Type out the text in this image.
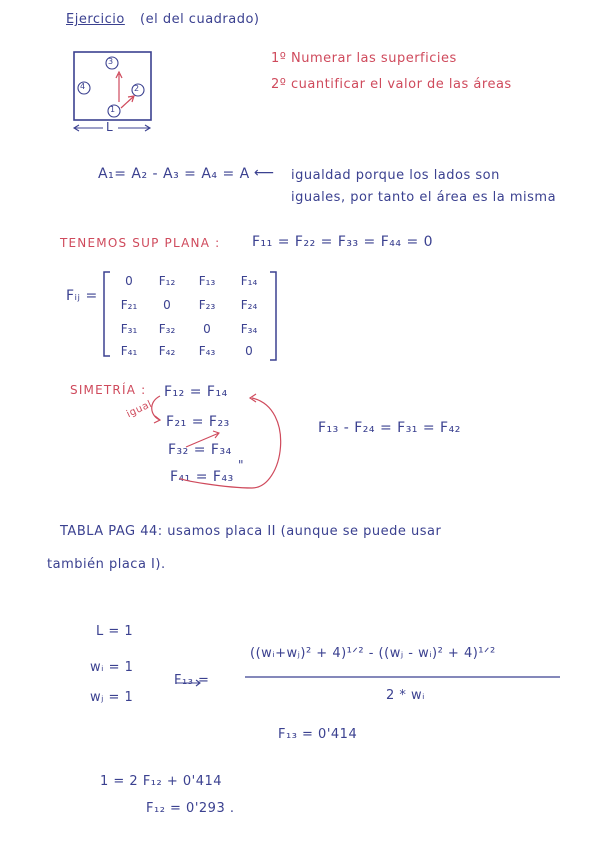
Ejercicio (el del cuadrado)
3
4
1
2
L
1º Numerar las superficies
2º cuantificar el valor de las áreas
A₁= A₂ - A₃ = A₄ = A ⟵ igualdad porque los lados son
iguales, por tanto el área es la misma
TENEMOS SUP PLANA : F₁₁ = F₂₂ = F₃₃ = F₄₄ = 0
Fᵢⱼ =
0	F₁₂	F₁₃	F₁₄
F₂₁	0	F₂₃	F₂₄
F₃₁	F₃₂	0	F₃₄
F₄₁	F₄₂	F₄₃	0
SIMETRÍA :
igual
F₁₂ = F₁₄
F₂₁ = F₂₃
F₃₂ = F₃₄
"
F₄₁ = F₄₃
F₁₃ - F₂₄ = F₃₁ = F₄₂
TABLA PAG 44: usamos placa II (aunque se puede usar
también placa I).
L = 1
wᵢ = 1
wⱼ = 1
F₁₃ =
((wᵢ+wⱼ)² + 4)¹ᐟ² - ((wⱼ - wᵢ)² + 4)¹ᐟ²
2 * wᵢ
F₁₃ = 0'414
1 = 2 F₁₂ + 0'414
F₁₂ = 0'293 .
